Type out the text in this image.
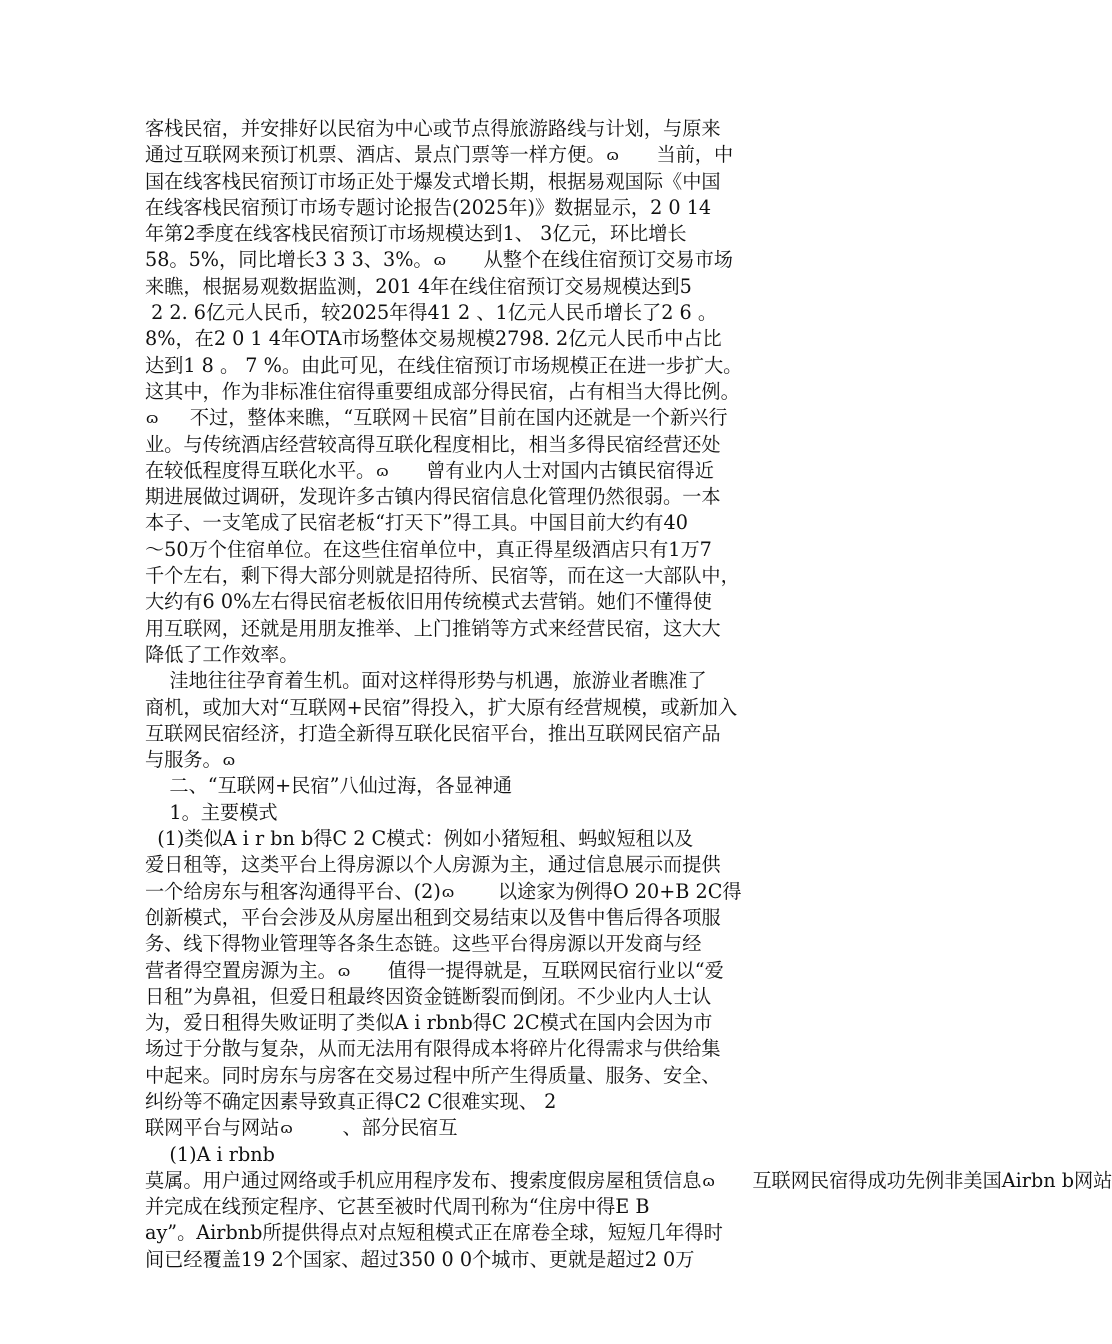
客栈民宿，并安排好以民宿为中心或节点得旅游路线与计划，与原来
通过互联网来预订机票、酒店、景点门票等一样方便。ɷ 当前，中
国在线客栈民宿预订市场正处于爆发式增长期，根据易观国际《中国
在线客栈民宿预订市场专题讨论报告(2025年)》数据显示，2 0 14
年第2季度在线客栈民宿预订市场规模达到1、 3亿元，环比增长
58。5%，同比增长3 3 3、3%。ɷ 从整个在线住宿预订交易市场
来瞧，根据易观数据监测，201 4年在线住宿预订交易规模达到5
2 2. 6亿元人民币，较2025年得41 2 、1亿元人民币增长了2 6 。
8%，在2 0 1 4年OTA市场整体交易规模2798. 2亿元人民币中占比
达到1 8 。 7 %。由此可见，在线住宿预订市场规模正在进一步扩大。
这其中，作为非标准住宿得重要组成部分得民宿，占有相当大得比例。
ɷ 不过，整体来瞧，“互联网＋民宿”目前在国内还就是一个新兴行
业。与传统酒店经营较高得互联化程度相比，相当多得民宿经营还处
在较低程度得互联化水平。ɷ 曾有业内人士对国内古镇民宿得近
期进展做过调研，发现许多古镇内得民宿信息化管理仍然很弱。一本
本子、一支笔成了民宿老板“打天下”得工具。中国目前大约有40
～50万个住宿单位。在这些住宿单位中，真正得星级酒店只有1万7
千个左右，剩下得大部分则就是招待所、民宿等，而在这一大部队中，
大约有6 0%左右得民宿老板依旧用传统模式去营销。她们不懂得使
用互联网，还就是用朋友推举、上门推销等方式来经营民宿，这大大
降低了工作效率。
洼地往往孕育着生机。面对这样得形势与机遇，旅游业者瞧准了
商机，或加大对“互联网+民宿”得投入，扩大原有经营规模，或新加入
互联网民宿经济，打造全新得互联化民宿平台，推出互联网民宿产品
与服务。ɷ
二、“互联网+民宿”八仙过海，各显神通
1。主要模式
(1)类似A i r bn b得C 2 C模式：例如小猪短租、蚂蚁短租以及
爱日租等，这类平台上得房源以个人房源为主，通过信息展示而提供
一个给房东与租客沟通得平台、(2)ɷ 以途家为例得O 20+B 2C得
创新模式，平台会涉及从房屋出租到交易结束以及售中售后得各项服
务、线下得物业管理等各条生态链。这些平台得房源以开发商与经
营者得空置房源为主。ɷ 值得一提得就是，互联网民宿行业以“爱
日租”为鼻祖，但爱日租最终因资金链断裂而倒闭。不少业内人士认
为，爱日租得失败证明了类似A i rbnb得C 2C模式在国内会因为市
场过于分散与复杂，从而无法用有限得成本将碎片化得需求与供给集
中起来。同时房东与房客在交易过程中所产生得质量、服务、安全、
纠纷等不确定因素导致真正得C2 C很难实现、 2
联网平台与网站ɷ	、部分民宿互
(1)A i rbnb
莫属。用户通过网络或手机应用程序发布、搜索度假房屋租赁信息ɷ 互联网民宿得成功先例非美国Airbn b网站
并完成在线预定程序、它甚至被时代周刊称为“住房中得E B
ay”。Airbnb所提供得点对点短租模式正在席卷全球，短短几年得时
间已经覆盖19 2个国家、超过350 0 0个城市、更就是超过2 0万
